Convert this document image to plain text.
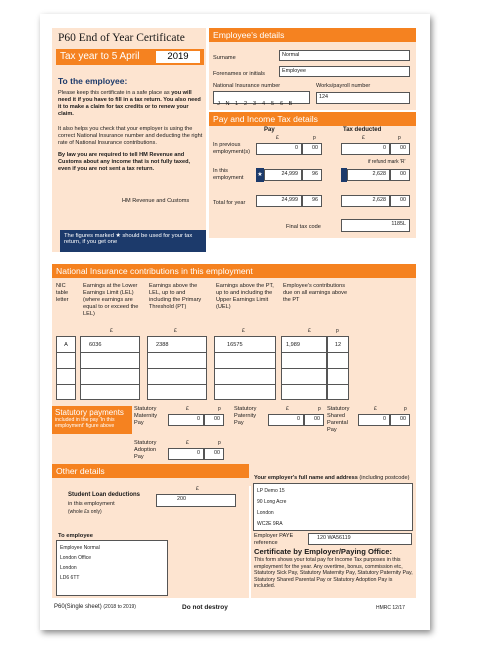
P60 End of Year Certificate
Tax year to 5 April	2019
To the employee:
Please keep this certificate in a safe place as you will need it if you have to fill in a tax return. You also need it to make a claim for tax credits or to renew your claim.
It also helps you check that your employer is using the correct National Insurance number and deducting the right rate of National Insurance contributions.
By law you are required to tell HM Revenue and Customs about any income that is not fully taxed, even if you are not sent a tax return.
HM Revenue and Customs
The figures marked ★ should be used for your tax return, if you get one
Employee's details
Surname	Normal
Forenames or initials	Employee
National Insurance number
J N 1 2 3 4 5 6 B
Works/payroll number
124
Pay and Income Tax details
Pay	Tax deducted
£	p	£	p
In previous employment(s)
0	00	0	00
if refund mark 'R'
In this employment	★	24,999	96	2,628	00
Total for year	24,999	96	2,628	00
Final tax code	1185L
National Insurance contributions in this employment
NIC table letter
Earnings at the Lower Earnings Limit (LEL) (where earnings are equal to or exceed the LEL)
Earnings above the LEL, up to and including the Primary Threshold (PT)
Earnings above the PT, up to and including the Upper Earnings Limit (UEL)
Employee's contributions due on all earnings above the PT
£	£	£	£	p
A	6036	2388	16575	1,989	12
Statutory payments
included in the pay 'In this employment' figure above
Statutory Maternity Pay
£	p
0	00
Statutory Paternity Pay
£	p
0	00
Statutory Shared Parental Pay
£	p
0	00
Statutory Adoption Pay
£	p
0	00
Other details
Student Loan deductions
in this employment
(whole £s only)
£
200
To employee
Employee Normal
London Office
London
LD6 6TT
Your employer's full name and address (including postcode)
LP Demo 15
90 Long Acre
London
WC2E 9RA
Employer PAYE reference
120 WA56119
Certificate by Employer/Paying Office:
This form shows your total pay for Income Tax purposes in this employment for the year. Any overtime, bonus, commission etc, Statutory Sick Pay, Statutory Maternity Pay, Statutory Paternity Pay, Statutory Shared Parental Pay or Statutory Adoption Pay is included.
P60(Single sheet) (2018 to 2019)	Do not destroy	HMRC 12/17
